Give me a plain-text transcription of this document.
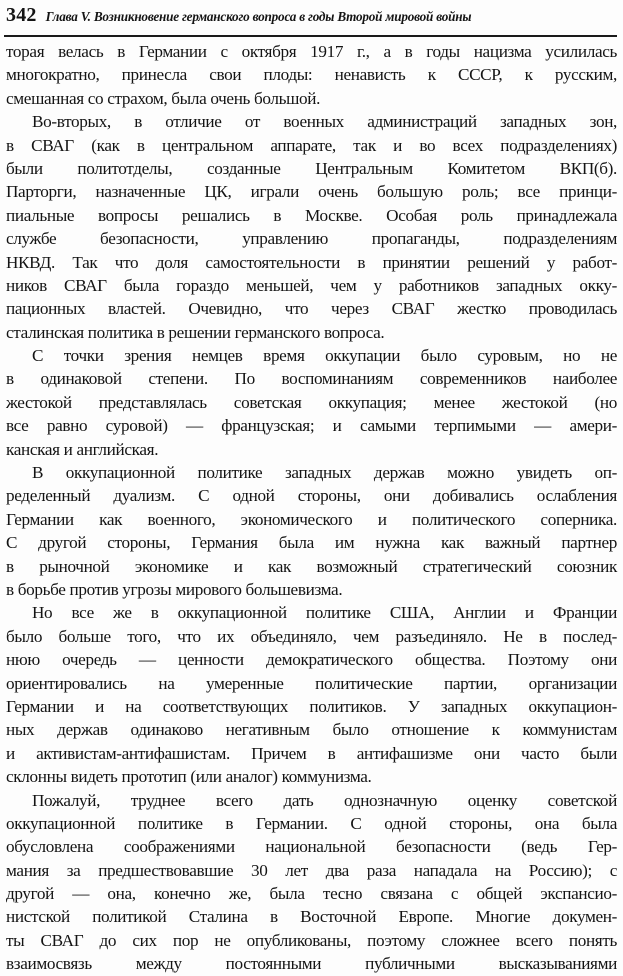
342 Глава V. Возникновение германского вопроса в годы Второй мировой войны
торая велась в Германии с октября 1917 г., а в годы нацизма усилилась
многократно, принесла свои плоды: ненависть к СССР, к русским,
смешанная со страхом, была очень большой.
Во-вторых, в отличие от военных администраций западных зон,
в СВАГ (как в центральном аппарате, так и во всех подразделениях)
были политотделы, созданные Центральным Комитетом ВКП(б).
Парторги, назначенные ЦК, играли очень большую роль; все принци-
пиальные вопросы решались в Москве. Особая роль принадлежала
службе безопасности, управлению пропаганды, подразделениям
НКВД. Так что доля самостоятельности в принятии решений у работ-
ников СВАГ была гораздо меньшей, чем у работников западных окку-
пационных властей. Очевидно, что через СВАГ жестко проводилась
сталинская политика в решении германского вопроса.
С точки зрения немцев время оккупации было суровым, но не
в одинаковой степени. По воспоминаниям современников наиболее
жестокой представлялась советская оккупация; менее жестокой (но
все равно суровой) — французская; и самыми терпимыми — амери-
канская и английская.
В оккупационной политике западных держав можно увидеть оп-
ределенный дуализм. С одной стороны, они добивались ослабления
Германии как военного, экономического и политического соперника.
С другой стороны, Германия была им нужна как важный партнер
в рыночной экономике и как возможный стратегический союзник
в борьбе против угрозы мирового большевизма.
Но все же в оккупационной политике США, Англии и Франции
было больше того, что их объединяло, чем разъединяло. Не в послед-
нюю очередь — ценности демократического общества. Поэтому они
ориентировались на умеренные политические партии, организации
Германии и на соответствующих политиков. У западных оккупацион-
ных держав одинаково негативным было отношение к коммунистам
и активистам-антифашистам. Причем в антифашизме они часто были
склонны видеть прототип (или аналог) коммунизма.
Пожалуй, труднее всего дать однозначную оценку советской
оккупационной политике в Германии. С одной стороны, она была
обусловлена соображениями национальной безопасности (ведь Гер-
мания за предшествовавшие 30 лет два раза нападала на Россию); с
другой — она, конечно же, была тесно связана с общей экспансио-
нистской политикой Сталина в Восточной Европе. Многие докумен-
ты СВАГ до сих пор не опубликованы, поэтому сложнее всего понять
взаимосвязь между постоянными публичными высказываниями
